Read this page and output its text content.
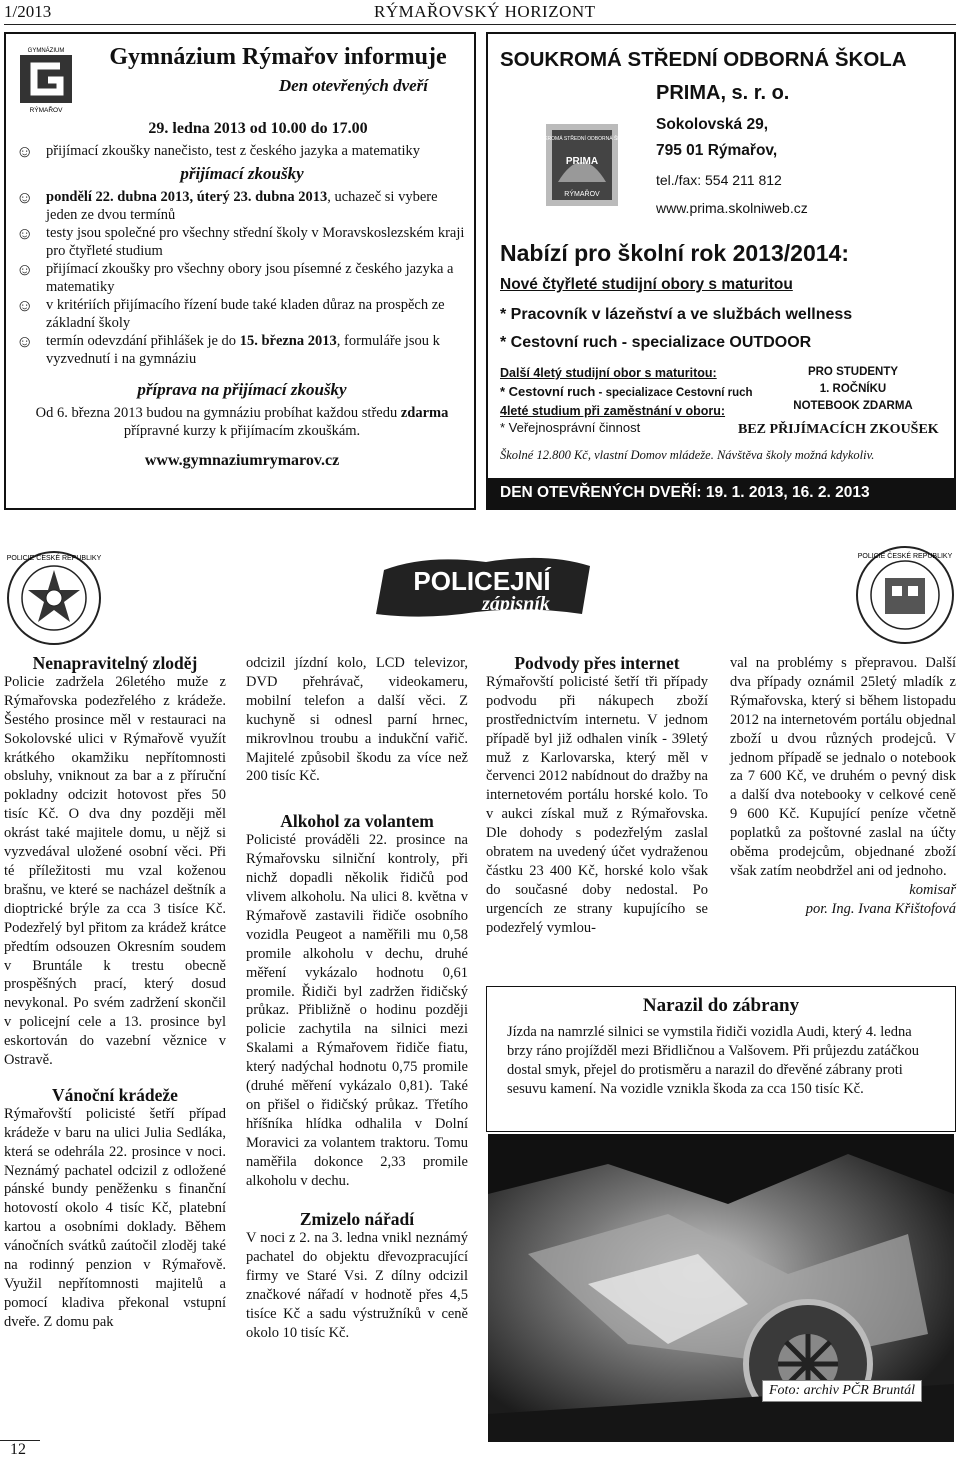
1/2013	RÝMAŘOVSKÝ HORIZONT
GYMNÁZIUM
RÝMAŘOV
Gymnázium Rýmařov informuje
Den otevřených dveří
29. ledna 2013 od 10.00 do 17.00

☺ přijímací zkoušky nanečisto, test z českého jazyka a matematiky

přijímací zkoušky

☺ pondělí 22. dubna 2013, úterý 23. dubna 2013, uchazeč si vybere jeden ze dvou termínů

☺ testy jsou společné pro všechny střední školy v Moravskoslezském kraji pro čtyřleté studium

☺ přijímací zkoušky pro všechny obory jsou písemné z českého jazyka a matematiky

☺ v kritériích přijímacího řízení bude také kladen důraz na prospěch ze základní školy

☺ termín odevzdání přihlášek je do 15. března 2013, formuláře jsou k vyzvednutí i na gymnáziu

příprava na přijímací zkoušky

Od 6. března 2013 budou na gymnáziu probíhat každou středu zdarma přípravné kurzy k přijímacím zkouškám.

www.gymnaziumrymarov.cz

SOUKROMÁ STŘEDNÍ ODBORNÁ ŠKOLA
PRIMA, s. r. o.
Sokolovská 29,
795 01 Rýmařov,
tel./fax: 554 211 812
www.prima.skolniweb.cz
SOUKROMÁ STŘEDNÍ ODBORNÁ ŠKOLA
PRIMA
RÝMAŘOV
Nabízí pro školní rok 2013/2014:
Nové čtyřleté studijní obory s maturitou
* Pracovník v lázeňství a ve službách wellness
* Cestovní ruch - specializace OUTDOOR
Další 4letý studijní obor s maturitou:
* Cestovní ruch - specializace Cestovní ruch
4leté studium při zaměstnání v oboru:
* Veřejnosprávní činnost
PRO STUDENTY
1. ROČNÍKU
NOTEBOOK ZDARMA
BEZ PŘIJÍMACÍCH ZKOUŠEK
Školné 12.800 Kč, vlastní Domov mládeže. Návštěva školy možná kdykoliv.
DEN OTEVŘENÝCH DVEŘÍ: 19. 1. 2013, 16. 2. 2013
POLICIE ČESKÉ REPUBLIKY
POLICEJNÍ
zápisník
POLICIE ČESKÉ REPUBLIKY

Nenapravitelný zloděj

Policie zadržela 26letého muže z Rýmařovska podezřelého z krádeže. Šestého prosince měl v restauraci na Sokolovské ulici v Rýmařově využít krátkého okamžiku nepřítomnosti obsluhy, vniknout za bar a z příruční pokladny odcizit hotovost přes 50 tisíc Kč. O dva dny později měl okrást také majitele domu, u nějž si vyzvedával uložené osobní věci. Při té příležitosti mu vzal koženou brašnu, ve které se nacházel deštník a dioptrické brýle za cca 3 tisíce Kč. Podezřelý byl přitom za krádež krátce předtím odsouzen Okresním soudem v Bruntále k trestu obecně prospěšných prací, který dosud nevykonal. Po svém zadržení skončil v policejní cele a 13. prosince byl eskortován do vazební věznice v Ostravě.

Vánoční krádeže

Rýmařovští policisté šetří případ krádeže v baru na ulici Julia Sedláka, která se odehrála 22. prosince v noci. Neznámý pachatel odcizil z odložené pánské bundy peněženku s finanční hotovostí okolo 4 tisíc Kč, platební kartou a osobními doklady. Během vánočních svátků zaútočil zloděj také na rodinný penzion v Rýmařově. Využil nepřítomnosti majitelů a pomocí kladiva překonal vstupní dveře. Z domu pak

odcizil jízdní kolo, LCD televizor, DVD přehrávač, videokameru, mobilní telefon a další věci. Z kuchyně si odnesl parní hrnec, mikrovlnou troubu a indukční vařič. Majitelé způsobil škodu za více než 200 tisíc Kč.

Alkohol za volantem

Policisté prováděli 22. prosince na Rýmařovsku silniční kontroly, při nichž dopadli několik řidičů pod vlivem alkoholu. Na ulici 8. května v Rýmařově zastavili řidiče osobního vozidla Peugeot a naměřili mu 0,58 promile alkoholu v dechu, druhé měření vykázalo hodnotu 0,61 promile. Řidiči byl zadržen řidičský průkaz. Přibližně o hodinu později policie zachytila na silnici mezi Skalami a Rýmařovem řidiče fiatu, který nadýchal hodnotu 0,75 promile (druhé měření vykázalo 0,81). Také on přišel o řidičský průkaz. Třetího hříšníka hlídka odhalila v Dolní Moravici za volantem traktoru. Tomu naměřila dokonce 2,33 promile alkoholu v dechu.

Zmizelo nářadí

V noci z 2. na 3. ledna vnikl neznámý pachatel do objektu dřevozpracující firmy ve Staré Vsi. Z dílny odcizil značkové nářadí v hodnotě přes 4,5 tisíce Kč a sadu výstružníků v ceně okolo 10 tisíc Kč.

Podvody přes internet

Rýmařovští policisté šetří tři případy podvodu při nákupech zboží prostřednictvím internetu. V jednom případě byl již odhalen viník - 39letý muž z Karlovarska, který měl v červenci 2012 nabídnout do dražby na internetovém portálu horské kolo. To v aukci získal muž z Rýmařovska. Dle dohody s podezřelým zaslal obratem na uvedený účet vydraženou částku 23 400 Kč, horské kolo však do současné doby nedostal. Po urgencích ze strany kupujícího se podezřelý vymlou-

val na problémy s přepravou. Další dva případy oznámil 25letý mladík z Rýmařovska, který si během listopadu 2012 na internetovém portálu objednal zboží u dvou různých prodejců. V jednom případě se jednalo o notebook za 7 600 Kč, ve druhém o pevný disk a další dva notebooky v celkové ceně 9 600 Kč. Kupující peníze včetně poplatků za poštovné zaslal na účty oběma prodejcům, objednané zboží však zatím neobdržel ani od jednoho.

komisař

por. Ing. Ivana Křištofová

Narazil do zábrany

Jízda na namrzlé silnici se vymstila řidiči vozidla Audi, který 4. ledna brzy ráno projížděl mezi Břidličnou a Valšovem. Při průjezdu zatáčkou dostal smyk, přejel do protisměru a narazil do dřevěné zábrany proti sesuvu kamení. Na vozidle vznikla škoda za cca 150 tisíc Kč.

Foto: archiv PČR Bruntál
12
